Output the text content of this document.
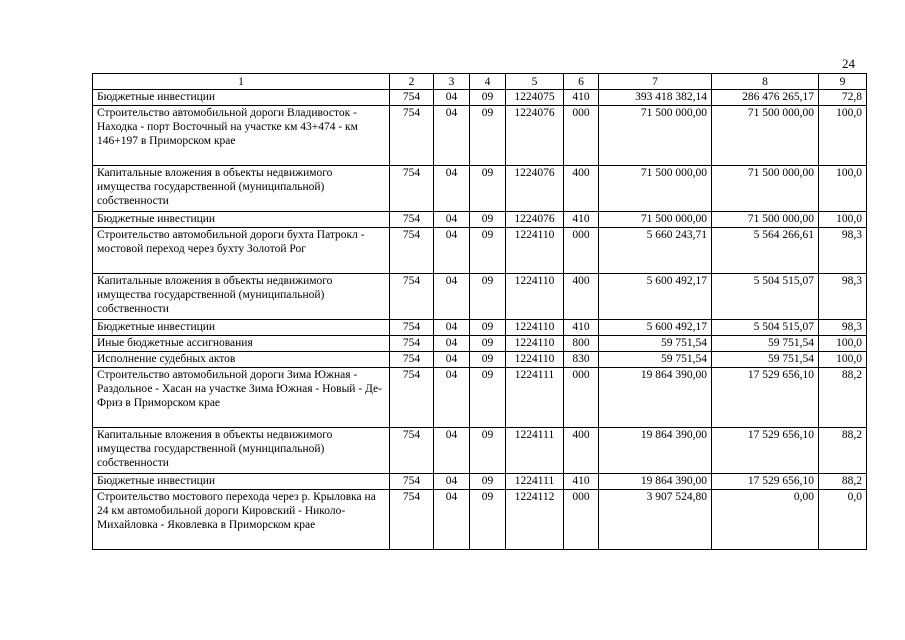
24
1	2	3	4	5	6	7	8	9
Бюджетные инвестиции	754	04	09	1224075	410	393 418 382,14	286 476 265,17	72,8
Строительство автомобильной дороги Владивосток - Находка - порт Восточный на участке км 43+474 - км 146+197 в Приморском крае	754	04	09	1224076	000	71 500 000,00	71 500 000,00	100,0
Капитальные вложения в объекты недвижимого имущества государственной (муниципальной) собственности	754	04	09	1224076	400	71 500 000,00	71 500 000,00	100,0
Бюджетные инвестиции	754	04	09	1224076	410	71 500 000,00	71 500 000,00	100,0
Строительство автомобильной дороги бухта Патрокл - мостовой переход через бухту Золотой Рог	754	04	09	1224110	000	5 660 243,71	5 564 266,61	98,3
Капитальные вложения в объекты недвижимого имущества государственной (муниципальной) собственности	754	04	09	1224110	400	5 600 492,17	5 504 515,07	98,3
Бюджетные инвестиции	754	04	09	1224110	410	5 600 492,17	5 504 515,07	98,3
Иные бюджетные ассигнования	754	04	09	1224110	800	59 751,54	59 751,54	100,0
Исполнение судебных актов	754	04	09	1224110	830	59 751,54	59 751,54	100,0
Строительство автомобильной дороги Зима Южная - Раздольное - Хасан на участке Зима Южная - Новый - Де-Фриз в Приморском крае	754	04	09	1224111	000	19 864 390,00	17 529 656,10	88,2
Капитальные вложения в объекты недвижимого имущества государственной (муниципальной) собственности	754	04	09	1224111	400	19 864 390,00	17 529 656,10	88,2
Бюджетные инвестиции	754	04	09	1224111	410	19 864 390,00	17 529 656,10	88,2
Строительство мостового перехода через р. Крыловка на 24 км автомобильной дороги Кировский - Николо-Михайловка - Яковлевка в Приморском крае	754	04	09	1224112	000	3 907 524,80	0,00	0,0
